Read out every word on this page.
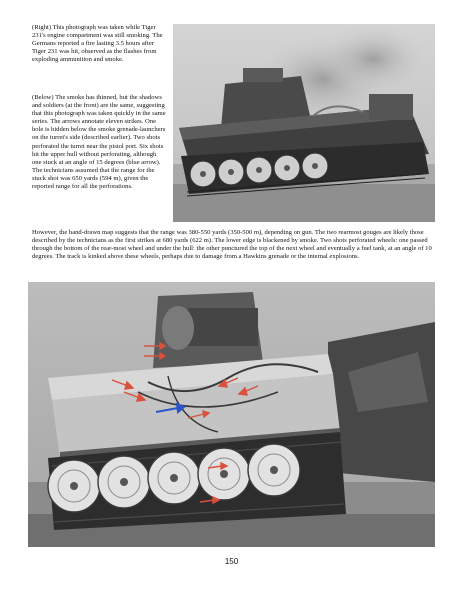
(Right) This photograph was taken while Tiger 231's engine compartment was still smoking. The Germans reported a fire lasting 3.5 hours after Tiger 231 was hit, observed as the flashes from exploding ammunition and smoke.

(Below) The smoke has thinned, but the shadows and soldiers (at the front) are the same, suggesting that this photograph was taken quickly in the same series. The arrows annotate eleven strikes. One hole is hidden below the smoke grenade-launchers on the turret's side (described earlier). Two shots perforated the turret near the pistol port. Six shots hit the upper hull without perforating, although one stuck at an angle of 15 degrees (blue arrow). The technicians assumed that the range for the stuck shot was 650 yards (594 m), given the reported range for all the perforations.

However, the hand-drawn map suggests that the range was 380-550 yards (350-500 m), depending on gun. The two rearmost gouges are likely those described by the technicians as the first strikes at 680 yards (622 m). The lower edge is blackened by smoke. Two shots perforated wheels: one passed through the bottom of the rear-most wheel and under the hull: the other punctured the top of the next wheel and eventually a fuel tank, at an angle of 10 degrees. The track is kinked above these wheels, perhaps due to damage from a Hawkins grenade or the internal explosions.

150
